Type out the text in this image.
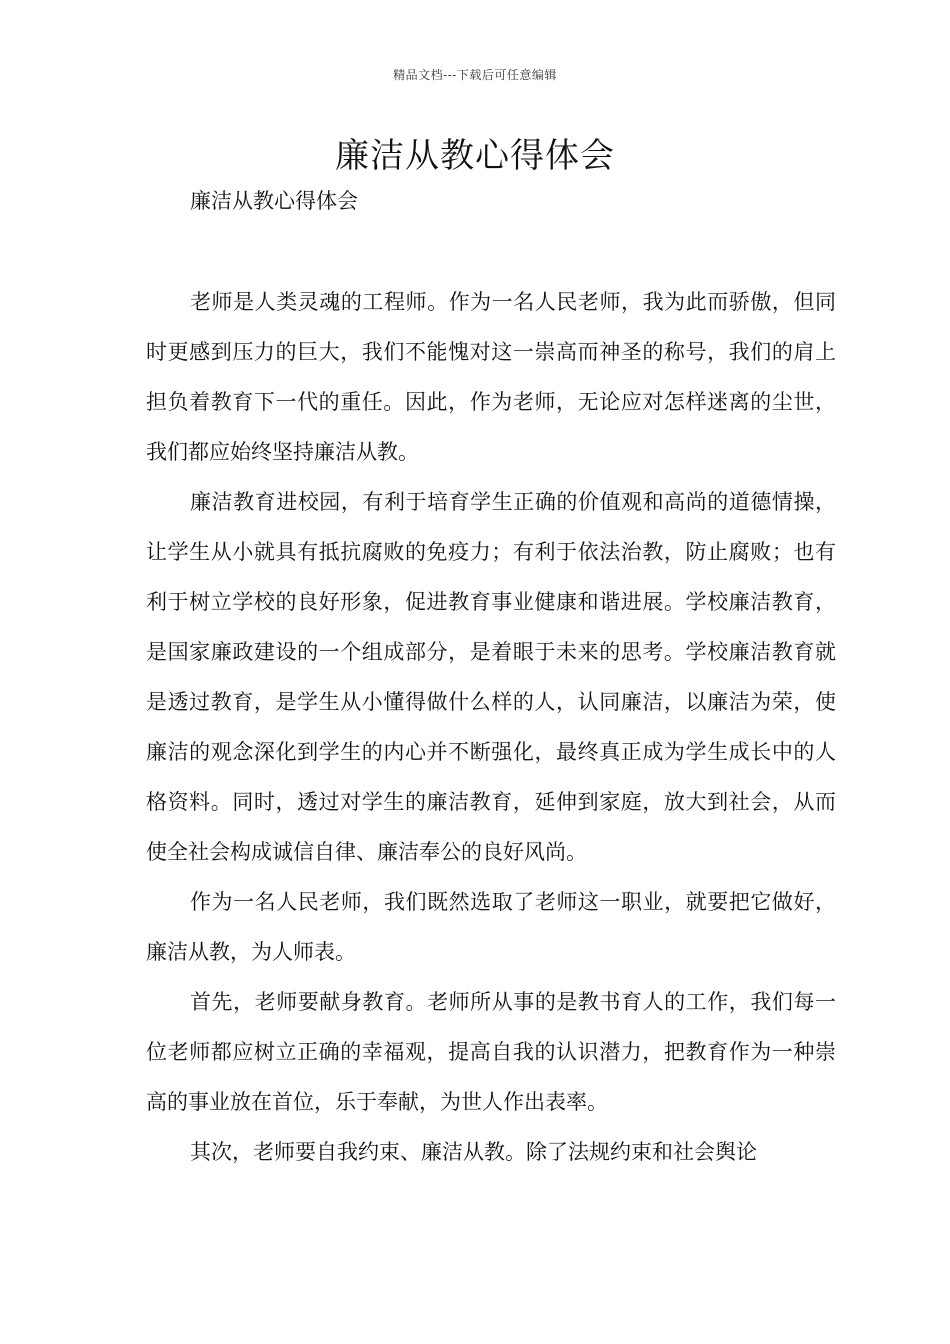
精品文档---下载后可任意编辑
廉洁从教心得体会

廉洁从教心得体会

老师是人类灵魂的工程师。作为一名人民老师，我为此而骄傲，但同时更感到压力的巨大，我们不能愧对这一崇高而神圣的称号，我们的肩上担负着教育下一代的重任。因此，作为老师，无论应对怎样迷离的尘世，我们都应始终坚持廉洁从教。

廉洁教育进校园，有利于培育学生正确的价值观和高尚的道德情操，让学生从小就具有抵抗腐败的免疫力；有利于依法治教，防止腐败；也有利于树立学校的良好形象，促进教育事业健康和谐进展。学校廉洁教育，是国家廉政建设的一个组成部分，是着眼于未来的思考。学校廉洁教育就是透过教育，是学生从小懂得做什么样的人，认同廉洁，以廉洁为荣，使廉洁的观念深化到学生的内心并不断强化，最终真正成为学生成长中的人格资料。同时，透过对学生的廉洁教育，延伸到家庭，放大到社会，从而使全社会构成诚信自律、廉洁奉公的良好风尚。

作为一名人民老师，我们既然选取了老师这一职业，就要把它做好，廉洁从教，为人师表。

首先，老师要献身教育。老师所从事的是教书育人的工作，我们每一位老师都应树立正确的幸福观，提高自我的认识潜力，把教育作为一种崇高的事业放在首位，乐于奉献，为世人作出表率。

其次，老师要自我约束、廉洁从教。除了法规约束和社会舆论
